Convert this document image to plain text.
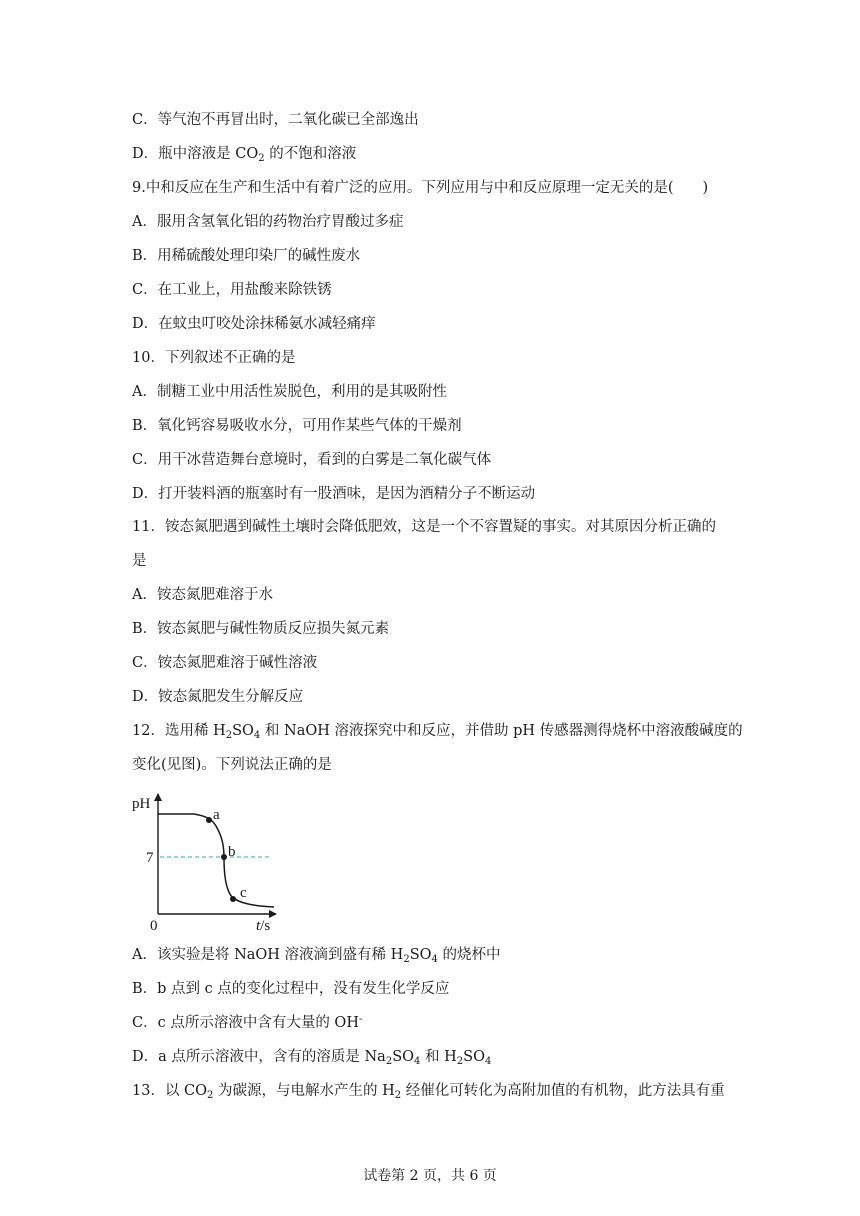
C．等气泡不再冒出时，二氧化碳已全部逸出
D．瓶中溶液是 $CO_2$ 的不饱和溶液
9.中和反应在生产和生活中有着广泛的应用。下列应用与中和反应原理一定无关的是(　　)
A．服用含氢氧化铝的药物治疗胃酸过多症
B．用稀硫酸处理印染厂的碱性废水
C．在工业上，用盐酸来除铁锈
D．在蚊虫叮咬处涂抹稀氨水减轻痛痒
10．下列叙述不正确的是
A．制糖工业中用活性炭脱色，利用的是其吸附性
B．氧化钙容易吸收水分，可用作某些气体的干燥剂
C．用干冰营造舞台意境时，看到的白雾是二氧化碳气体
D．打开装料酒的瓶塞时有一股酒味，是因为酒精分子不断运动
11．铵态氮肥遇到碱性土壤时会降低肥效，这是一个不容置疑的事实。对其原因分析正确的
是
A．铵态氮肥难溶于水
B．铵态氮肥与碱性物质反应损失氮元素
C．铵态氮肥难溶于碱性溶液
D．铵态氮肥发生分解反应
12．选用稀 $H_2SO_4$ 和 NaOH 溶液探究中和反应，并借助 pH 传感器测得烧杯中溶液酸碱度的
变化(见图)。下列说法正确的是
pH
7
0	t/s
a
b
c
A．该实验是将 NaOH 溶液滴到盛有稀 $H_2SO_4$ 的烧杯中
B．b 点到 c 点的变化过程中，没有发生化学反应
C．c 点所示溶液中含有大量的 OH-
D．a 点所示溶液中，含有的溶质是 $Na_2SO_4$ 和 $H_2SO_4$
13．以 $CO_2$ 为碳源，与电解水产生的 $H_2$ 经催化可转化为高附加值的有机物，此方法具有重
试卷第 2 页，共 6 页
